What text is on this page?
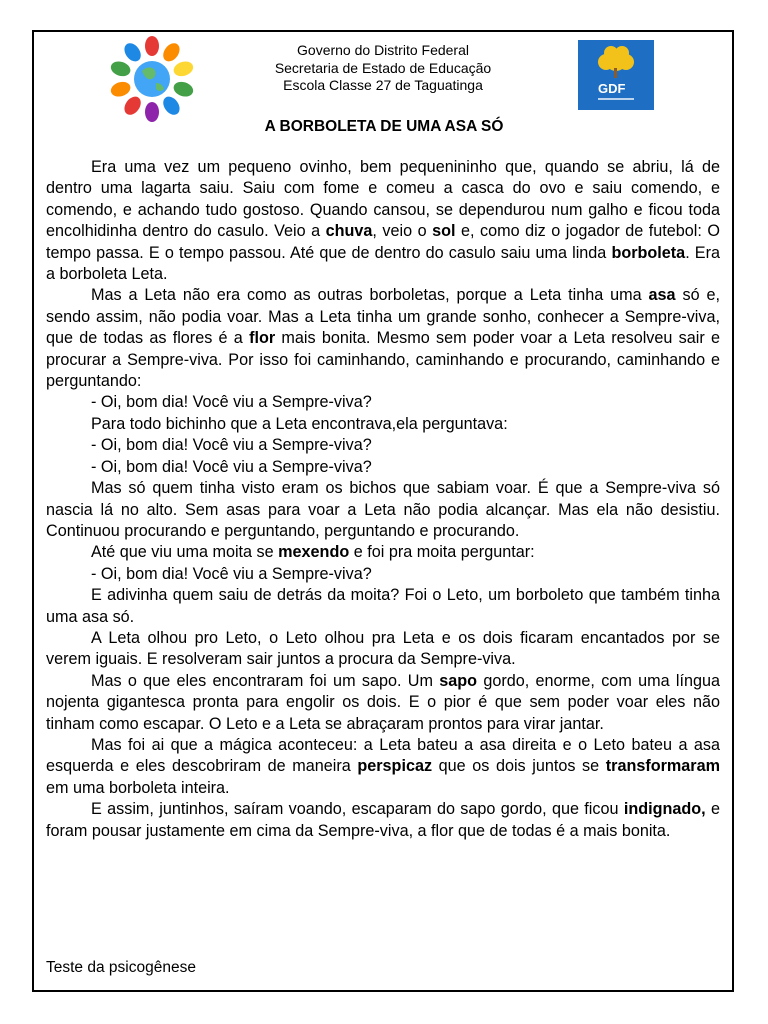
Governo do Distrito Federal
Secretaria de Estado de Educação
Escola Classe 27 de Taguatinga	GDF
A BORBOLETA DE UMA ASA SÓ

Era uma vez um pequeno ovinho, bem pequenininho que, quando se abriu, lá de dentro uma lagarta saiu. Saiu com fome e comeu a casca do ovo e saiu comendo, e comendo, e achando tudo gostoso. Quando cansou, se dependurou num galho e ficou toda encolhidinha dentro do casulo. Veio a chuva, veio o sol e, como diz o jogador de futebol: O tempo passa. E o tempo passou. Até que de dentro do casulo saiu uma linda borboleta. Era a borboleta Leta.

Mas a Leta não era como as outras borboletas, porque a Leta tinha uma asa só e, sendo assim, não podia voar. Mas a Leta tinha um grande sonho, conhecer a Sempre-viva, que de todas as flores é a flor mais bonita. Mesmo sem poder voar a Leta resolveu sair e procurar a Sempre-viva. Por isso foi caminhando, caminhando e procurando, caminhando e perguntando:

- Oi, bom dia! Você viu a Sempre-viva?

Para todo bichinho que a Leta encontrava,ela perguntava:

- Oi, bom dia! Você viu a Sempre-viva?

- Oi, bom dia! Você viu a Sempre-viva?

Mas só quem tinha visto eram os bichos que sabiam voar. É que a Sempre-viva só nascia lá no alto. Sem asas para voar a Leta não podia alcançar. Mas ela não desistiu. Continuou procurando e perguntando, perguntando e procurando.

Até que viu uma moita se mexendo e foi pra moita perguntar:

- Oi, bom dia! Você viu a Sempre-viva?

E adivinha quem saiu de detrás da moita? Foi o Leto, um borboleto que também tinha uma asa só.

A Leta olhou pro Leto, o Leto olhou pra Leta e os dois ficaram encantados por se verem iguais. E resolveram sair juntos a procura da Sempre-viva.

Mas o que eles encontraram foi um sapo. Um sapo gordo, enorme, com uma língua nojenta gigantesca pronta para engolir os dois. E o pior é que sem poder voar eles não tinham como escapar. O Leto e a Leta se abraçaram prontos para virar jantar.

Mas foi ai que a mágica aconteceu: a Leta bateu a asa direita e o Leto bateu a asa esquerda e eles descobriram de maneira perspicaz que os dois juntos se transformaram em uma borboleta inteira.

E assim, juntinhos, saíram voando, escaparam do sapo gordo, que ficou indignado, e foram pousar justamente em cima da Sempre-viva, a flor que de todas é a mais bonita.

Teste da psicogênese
